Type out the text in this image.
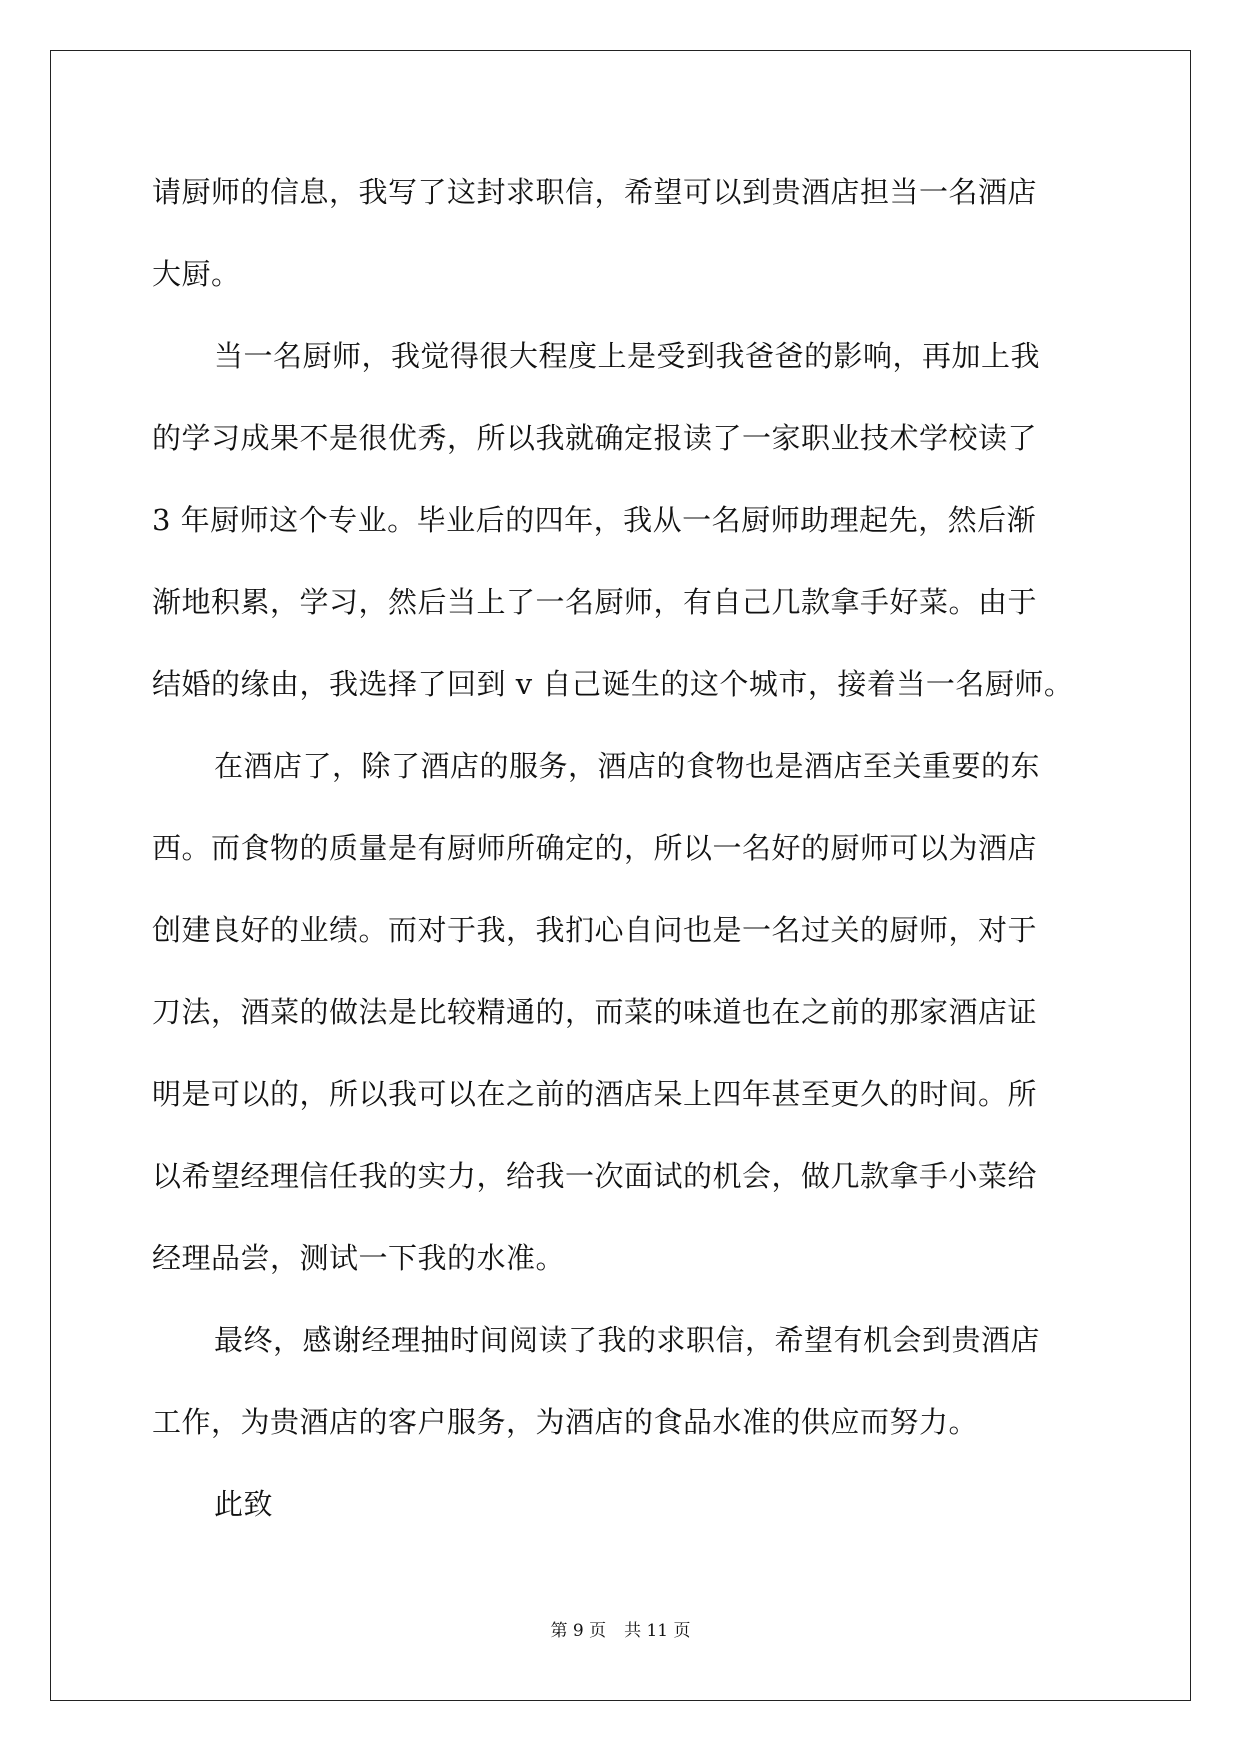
请厨师的信息，我写了这封求职信，希望可以到贵酒店担当一名酒店
大厨。
当一名厨师，我觉得很大程度上是受到我爸爸的影响，再加上我
的学习成果不是很优秀，所以我就确定报读了一家职业技术学校读了
3 年厨师这个专业。毕业后的四年，我从一名厨师助理起先，然后渐
渐地积累，学习，然后当上了一名厨师，有自己几款拿手好菜。由于
结婚的缘由，我选择了回到 v 自己诞生的这个城市，接着当一名厨师。
在酒店了，除了酒店的服务，酒店的食物也是酒店至关重要的东
西。而食物的质量是有厨师所确定的，所以一名好的厨师可以为酒店
创建良好的业绩。而对于我，我扪心自问也是一名过关的厨师，对于
刀法，酒菜的做法是比较精通的，而菜的味道也在之前的那家酒店证
明是可以的，所以我可以在之前的酒店呆上四年甚至更久的时间。所
以希望经理信任我的实力，给我一次面试的机会，做几款拿手小菜给
经理品尝，测试一下我的水准。
最终，感谢经理抽时间阅读了我的求职信，希望有机会到贵酒店
工作，为贵酒店的客户服务，为酒店的食品水准的供应而努力。
此致
第 9 页 共 11 页
